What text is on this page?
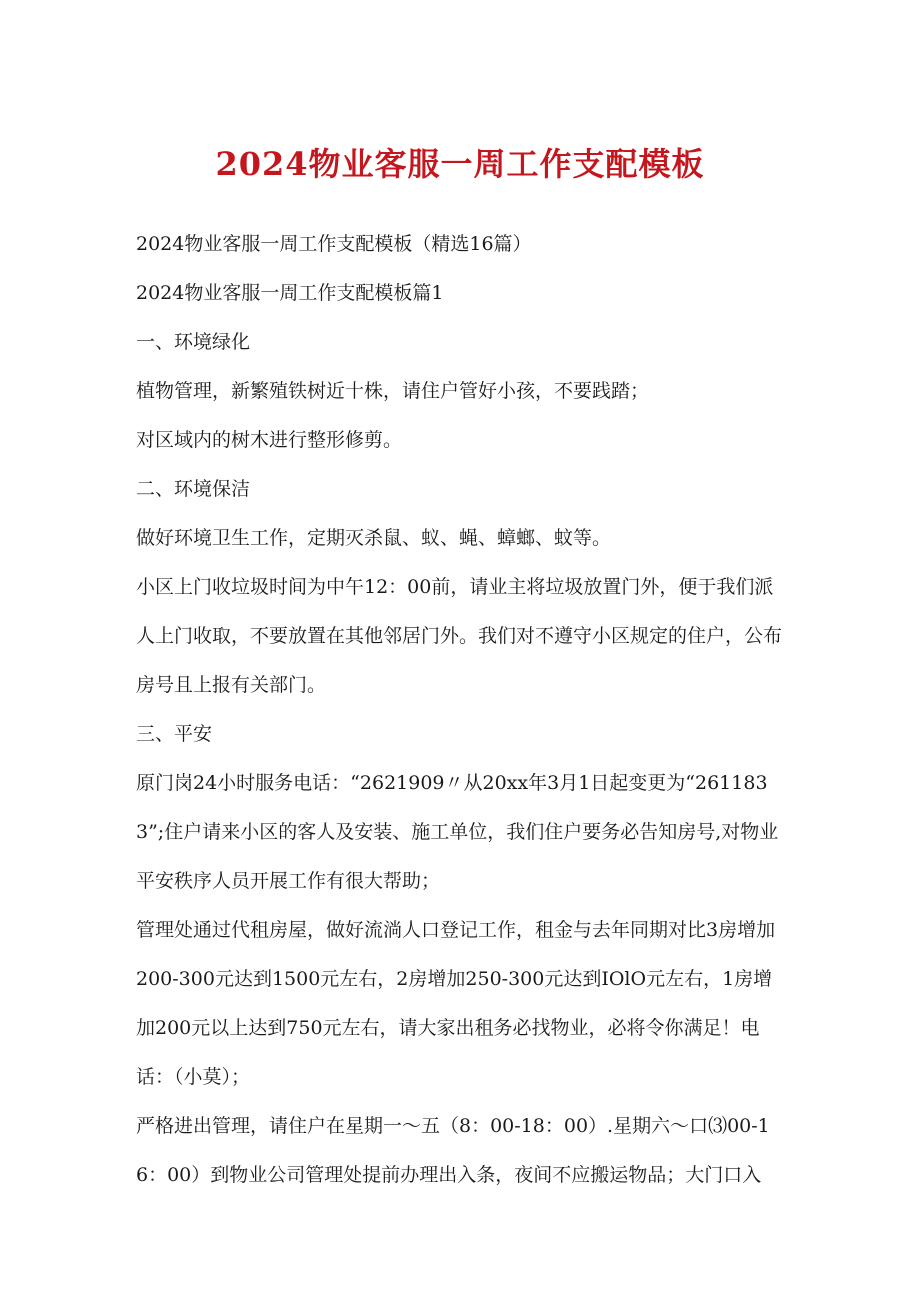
2024物业客服一周工作支配模板

2024物业客服一周工作支配模板（精选16篇）

2024物业客服一周工作支配模板篇1

一、环境绿化

植物管理，新繁殖铁树近十株，请住户管好小孩，不要践踏；

对区域内的树木进行整形修剪。

二、环境保洁

做好环境卫生工作，定期灭杀鼠、蚁、蝇、蟑螂、蚊等。

小区上门收垃圾时间为中午12：00前，请业主将垃圾放置门外，便于我们派人上门收取，不要放置在其他邻居门外。我们对不遵守小区规定的住户，公布房号且上报有关部门。

三、平安

原门岗24小时服务电话：“2621909〃从20xx年3月1日起变更为“2611833”;住户请来小区的客人及安装、施工单位，我们住户要务必告知房号,对物业平安秩序人员开展工作有很大帮助；

管理处通过代租房屋，做好流淌人口登记工作，租金与去年同期对比3房增加200-300元达到1500元左右，2房增加250-300元达到IOlO元左右，1房增加200元以上达到750元左右，请大家出租务必找物业，必将令你满足！电话：（小莫）；

严格进出管理，请住户在星期一～五（8：00-18：00）.星期六～口⑶00-16：00）到物业公司管理处提前办理出入条，夜间不应搬运物品；大门口入
